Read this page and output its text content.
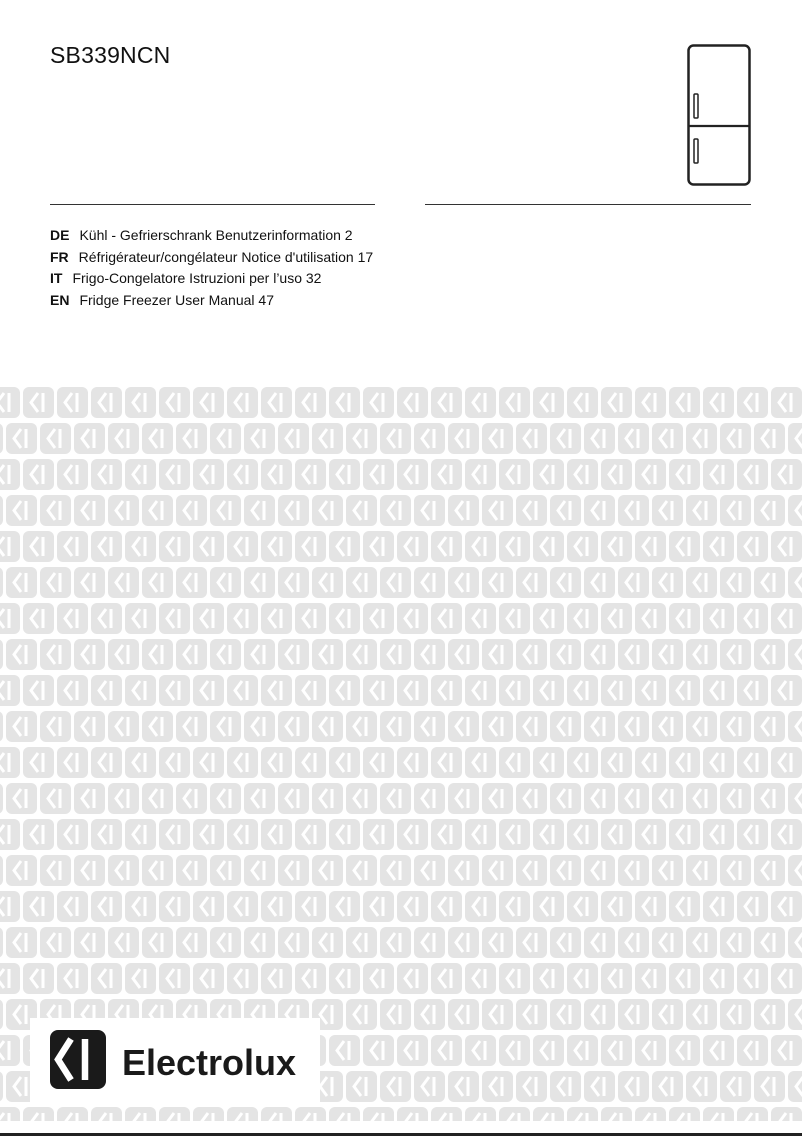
SB339NCN
DE Kühl - Gefrierschrank Benutzerinformation 2
FR Réfrigérateur/congélateur Notice d'utilisation 17
IT Frigo-Congelatore Istruzioni per l’uso 32
EN Fridge Freezer User Manual 47
Electrolux
